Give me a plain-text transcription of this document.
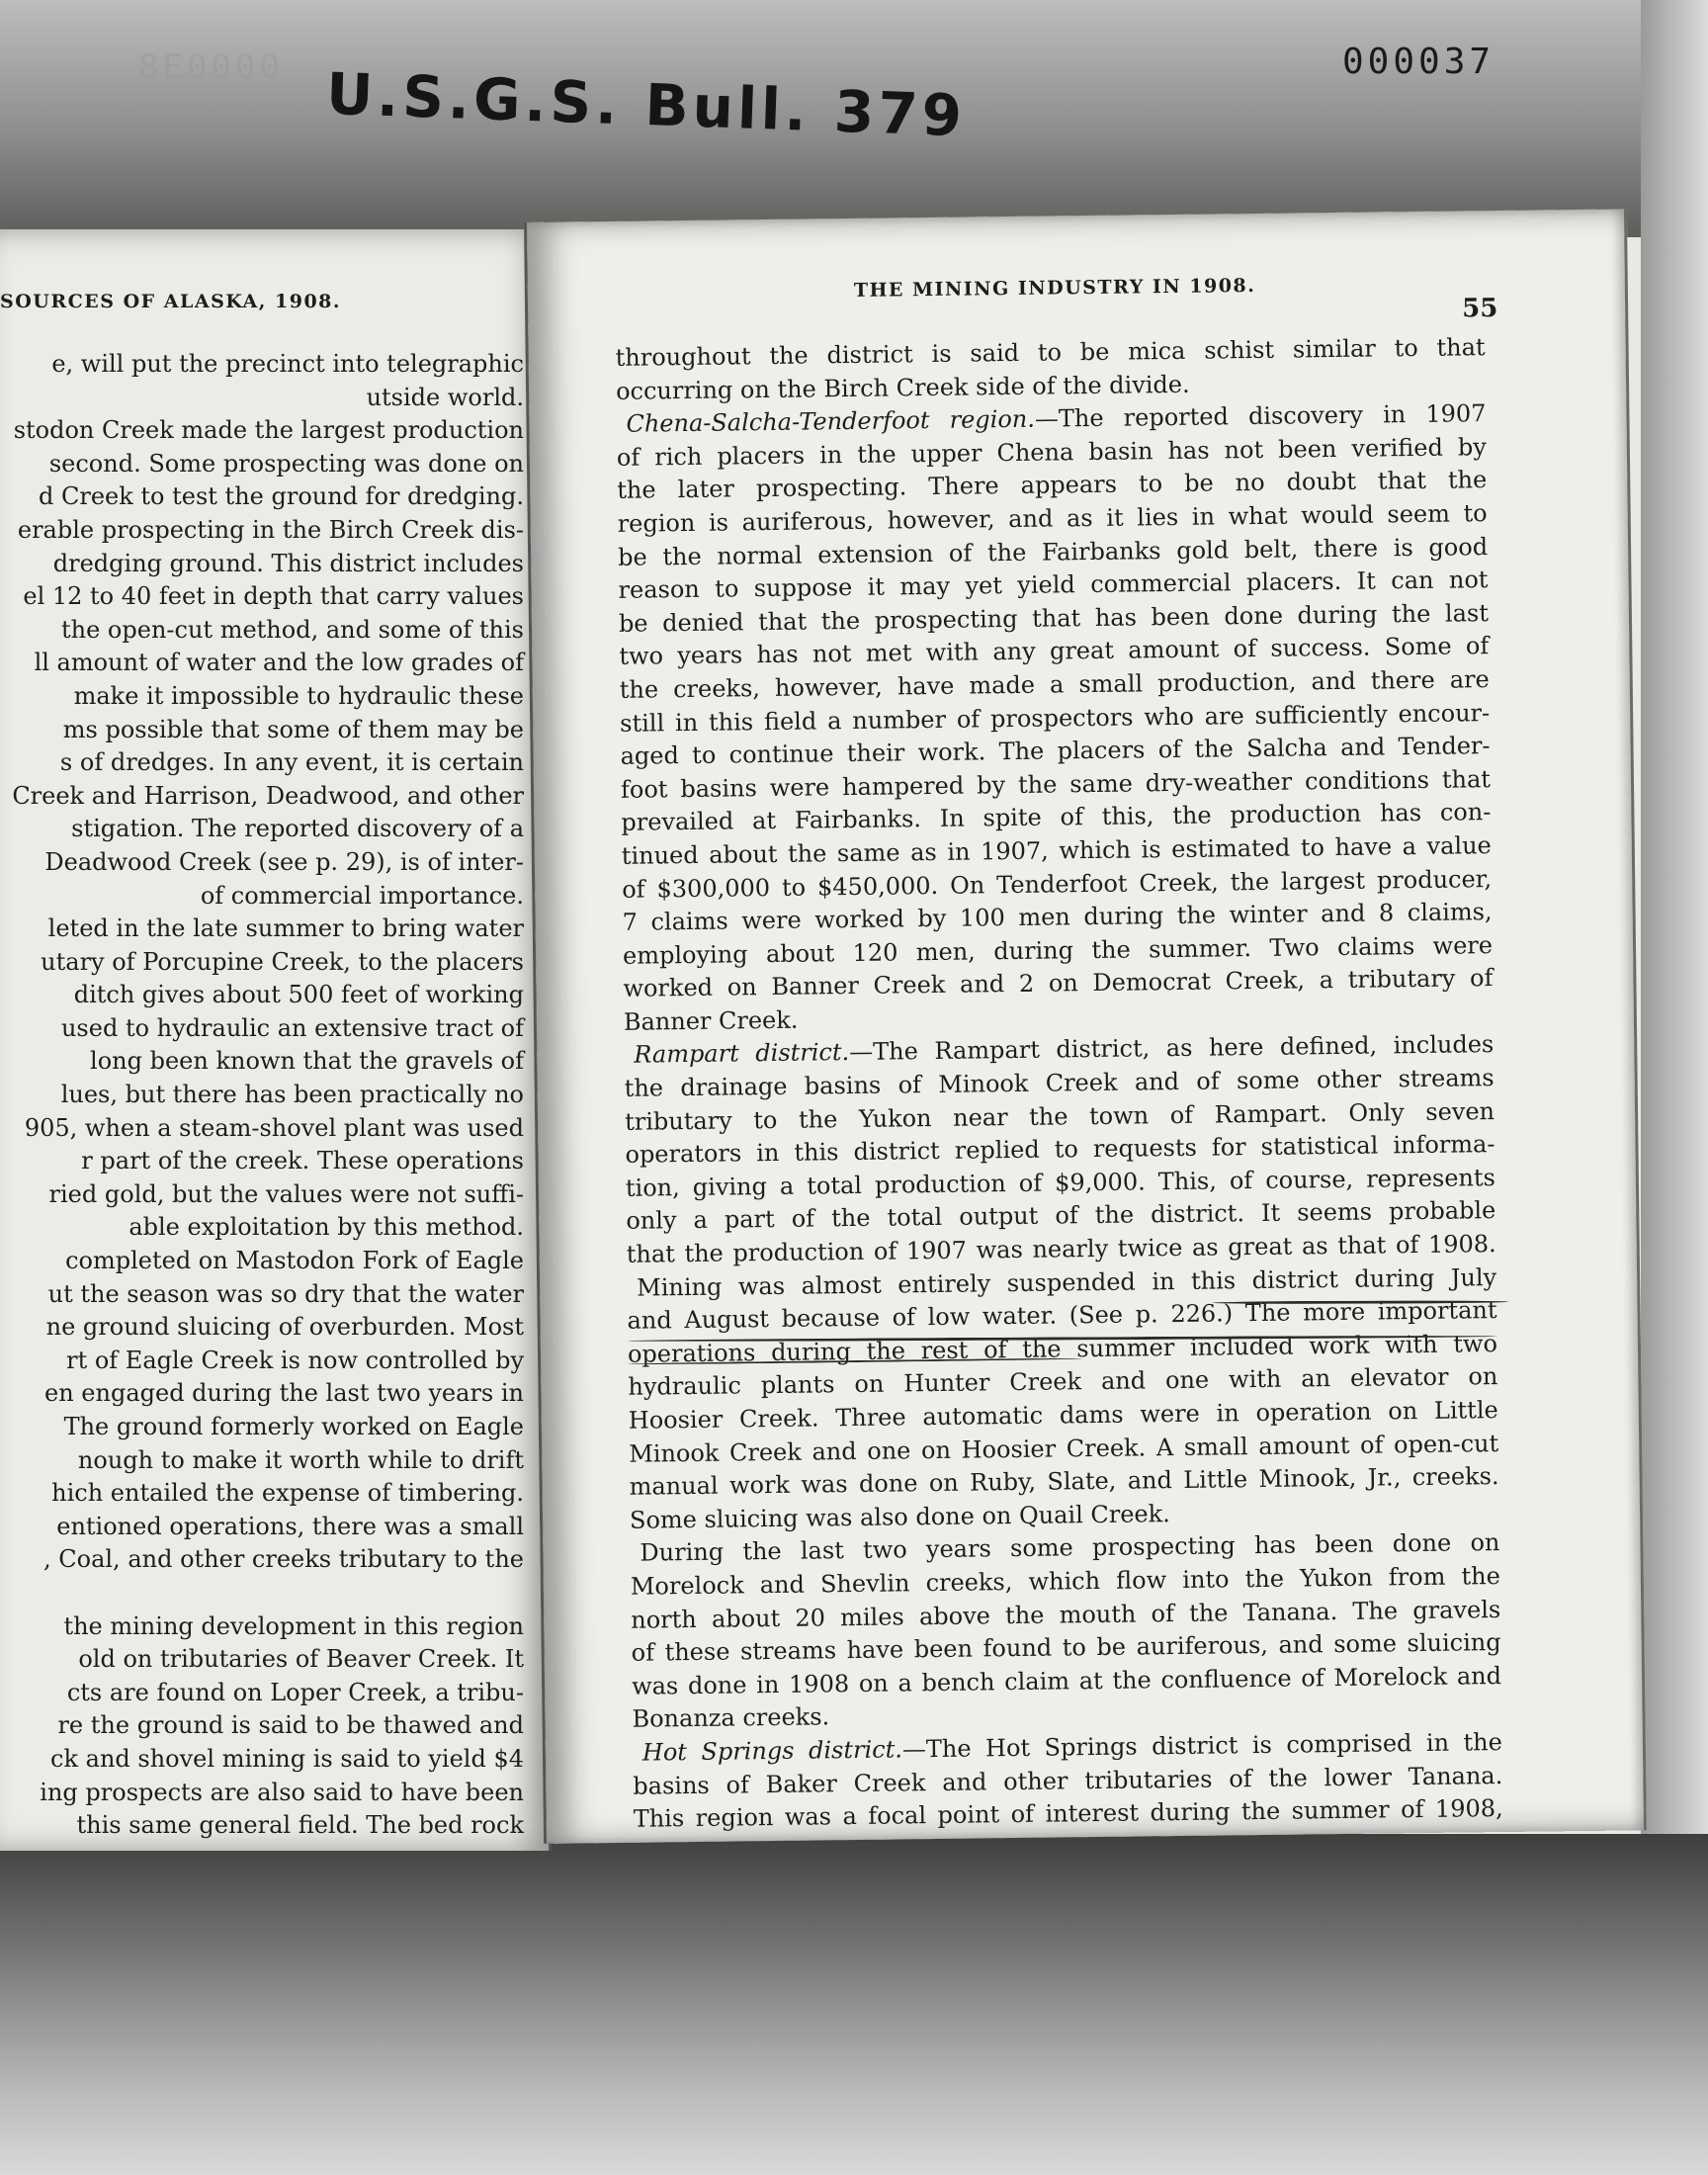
8E0000	000037
U.S.G.S. Bull. 379
SOURCES OF ALASKA, 1908.
e, will put the precinct into telegraphic
utside world.
stodon Creek made the largest production
second. Some prospecting was done on
d Creek to test the ground for dredging.
erable prospecting in the Birch Creek dis-
dredging ground. This district includes
el 12 to 40 feet in depth that carry values
the open-cut method, and some of this
ll amount of water and the low grades of
make it impossible to hydraulic these
ms possible that some of them may be
s of dredges. In any event, it is certain
Creek and Harrison, Deadwood, and other
stigation. The reported discovery of a
Deadwood Creek (see p. 29), is of inter-
of commercial importance.
leted in the late summer to bring water
utary of Porcupine Creek, to the placers
ditch gives about 500 feet of working
used to hydraulic an extensive tract of
long been known that the gravels of
lues, but there has been practically no
905, when a steam-shovel plant was used
r part of the creek. These operations
ried gold, but the values were not suffi-
able exploitation by this method.
completed on Mastodon Fork of Eagle
ut the season was so dry that the water
ne ground sluicing of overburden. Most
rt of Eagle Creek is now controlled by
en engaged during the last two years in
The ground formerly worked on Eagle
nough to make it worth while to drift
hich entailed the expense of timbering.
entioned operations, there was a small
, Coal, and other creeks tributary to the
the mining development in this region
old on tributaries of Beaver Creek. It
cts are found on Loper Creek, a tribu-
re the ground is said to be thawed and
ck and shovel mining is said to yield $4
ing prospects are also said to have been
this same general field. The bed rock
THE MINING INDUSTRY IN 1908.
55
throughout the district is said to be mica schist similar to that
occurring on the Birch Creek side of the divide.
Chena-Salcha-Tenderfoot region.—The reported discovery in 1907
of rich placers in the upper Chena basin has not been verified by
the later prospecting. There appears to be no doubt that the
region is auriferous, however, and as it lies in what would seem to
be the normal extension of the Fairbanks gold belt, there is good
reason to suppose it may yet yield commercial placers. It can not
be denied that the prospecting that has been done during the last
two years has not met with any great amount of success. Some of
the creeks, however, have made a small production, and there are
still in this field a number of prospectors who are sufficiently encour-
aged to continue their work. The placers of the Salcha and Tender-
foot basins were hampered by the same dry-weather conditions that
prevailed at Fairbanks. In spite of this, the production has con-
tinued about the same as in 1907, which is estimated to have a value
of $300,000 to $450,000. On Tenderfoot Creek, the largest producer,
7 claims were worked by 100 men during the winter and 8 claims,
employing about 120 men, during the summer. Two claims were
worked on Banner Creek and 2 on Democrat Creek, a tributary of
Banner Creek.
Rampart district.—The Rampart district, as here defined, includes
the drainage basins of Minook Creek and of some other streams
tributary to the Yukon near the town of Rampart. Only seven
operators in this district replied to requests for statistical informa-
tion, giving a total production of $9,000. This, of course, represents
only a part of the total output of the district. It seems probable
that the production of 1907 was nearly twice as great as that of 1908.
Mining was almost entirely suspended in this district during July
and August because of low water. (See p. 226.) The more important
operations during the rest of the summer included work with two
hydraulic plants on Hunter Creek and one with an elevator on
Hoosier Creek. Three automatic dams were in operation on Little
Minook Creek and one on Hoosier Creek. A small amount of open-cut
manual work was done on Ruby, Slate, and Little Minook, Jr., creeks.
Some sluicing was also done on Quail Creek.
During the last two years some prospecting has been done on
Morelock and Shevlin creeks, which flow into the Yukon from the
north about 20 miles above the mouth of the Tanana. The gravels
of these streams have been found to be auriferous, and some sluicing
was done in 1908 on a bench claim at the confluence of Morelock and
Bonanza creeks.
Hot Springs district.—The Hot Springs district is comprised in the
basins of Baker Creek and other tributaries of the lower Tanana.
This region was a focal point of interest during the summer of 1908,
